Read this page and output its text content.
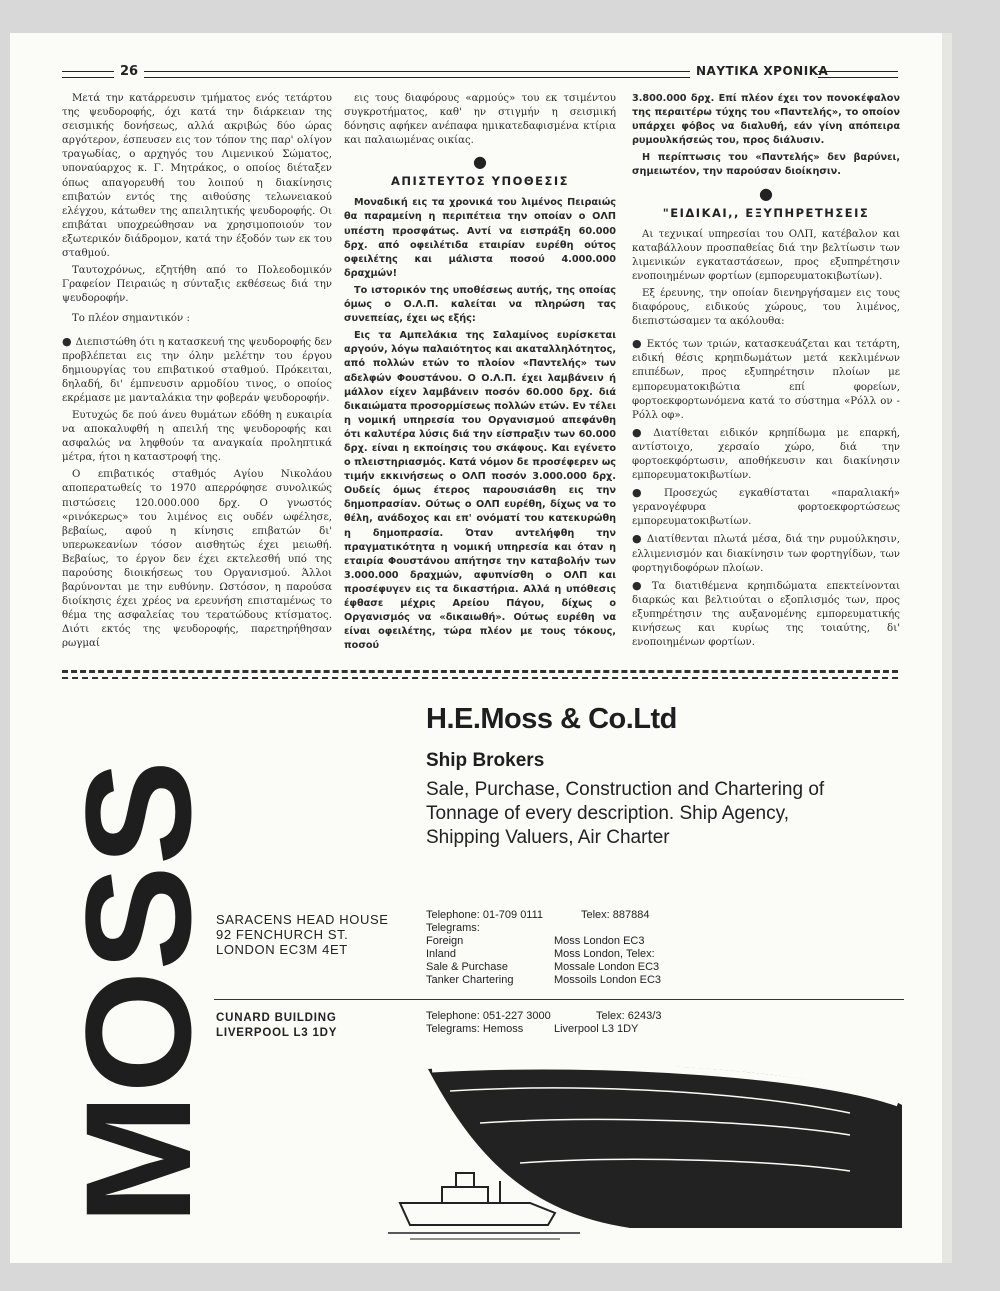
26	ΝΑΥΤΙΚΑ ΧΡΟΝΙΚΑ

Μετά την κατάρρευσιν τμήματος ενός τετάρτου της ψευδοροφής, όχι κατά την διάρκειαν της σεισμικής δονήσεως, αλλά ακριβώς δύο ώρας αργότερον, έσπευσεν εις τον τόπον της παρ' ολίγον τραγωδίας, ο αρχηγός του Λιμενικού Σώματος, υποναύαρχος κ. Γ. Μητράκος, ο οποίος διέταξεν όπως απαγορευθή του λοιπού η διακίνησις επιβατών εντός της αιθούσης τελωνειακού ελέγχου, κάτωθεν της απειλητικής ψευδοροφής. Οι επιβάται υποχρεώθησαν να χρησιμοποιούν τον εξωτερικόν διάδρομον, κατά την έξοδόν των εκ του σταθμού.

Ταυτοχρόνως, εζητήθη από το Πολεοδομικόν Γραφείον Πειραιώς η σύνταξις εκθέσεως διά την ψευδοροφήν.

Το πλέον σημαντικόν :

● Διεπιστώθη ότι η κατασκευή της ψευδοροφής δεν προβλέπεται εις την όλην μελέτην του έργου δημιουργίας του επιβατικού σταθμού. Πρόκειται, δηλαδή, δι' έμπνευσιν αρμοδίου τινος, ο οποίος εκρέμασε με μανταλάκια την φοβεράν ψευδοροφήν.

Ευτυχώς δε πού άνευ θυμάτων εδόθη η ευκαιρία να αποκαλυφθή η απειλή της ψευδοροφής και ασφαλώς να ληφθούν τα αναγκαία προληπτικά μέτρα, ήτοι η καταστροφή της.

Ο επιβατικός σταθμός Αγίου Νικολάου αποπερατωθείς το 1970 απερρόφησε συνολικώς πιστώσεις 120.000.000 δρχ. Ο γνωστός «ρινόκερως» του λιμένος εις ουδέν ωφέλησε, βεβαίως, αφού η κίνησις επιβατών δι' υπερωκεανίων τόσον αισθητώς έχει μειωθή. Βεβαίως, το έργον δεν έχει εκτελεσθή υπό της παρούσης διοικήσεως του Οργανισμού. Άλλοι βαρύνονται με την ευθύνην. Ωστόσον, η παρούσα διοίκησις έχει χρέος να ερευνήση επισταμένως το θέμα της ασφαλείας του τερατώδους κτίσματος. Διότι εκτός της ψευδοροφής, παρετηρήθησαν ρωγμαί

εις τους διαφόρους «αρμούς» του εκ τσιμέντου συγκροτήματος, καθ' ην στιγμήν η σεισμική δόνησις αφήκεν ανέπαφα ημικατεδαφισμένα κτίρια και παλαιωμένας οικίας.

●
ΑΠΙΣΤΕΥΤΟΣ ΥΠΟΘΕΣΙΣ

Μοναδική εις τα χρονικά του λιμένος Πειραιώς θα παραμείνη η περιπέτεια την οποίαν ο ΟΛΠ υπέστη προσφάτως. Αντί να εισπράξη 60.000 δρχ. από οφειλέτιδα εταιρίαν ευρέθη ούτος οφειλέτης και μάλιστα ποσού 4.000.000 δραχμών!

Το ιστορικόν της υποθέσεως αυτής, της οποίας όμως ο Ο.Λ.Π. καλείται να πληρώση τας συνεπείας, έχει ως εξής:

Εις τα Αμπελάκια της Σαλαμίνος ευρίσκεται αργούν, λόγω παλαιότητος και ακαταλληλότητος, από πολλών ετών το πλοίον «Παντελής» των αδελφών Φουστάνου. Ο Ο.Λ.Π. έχει λαμβάνειν ή μάλλον είχεν λαμβάνειν ποσόν 60.000 δρχ. διά δικαιώματα προσορμίσεως πολλών ετών. Εν τέλει η νομική υπηρεσία του Οργανισμού απεφάνθη ότι καλυτέρα λύσις διά την είσπραξιν των 60.000 δρχ. είναι η εκποίησις του σκάφους. Και εγένετο ο πλειστηριασμός. Κατά νόμον δε προσέφερεν ως τιμήν εκκινήσεως ο ΟΛΠ ποσόν 3.000.000 δρχ. Ουδείς όμως έτερος παρουσιάσθη εις την δημοπρασίαν. Ούτως ο ΟΛΠ ευρέθη, δίχως να το θέλη, ανάδοχος και επ' ονόματί του κατεκυρώθη η δημοπρασία. Όταν αντελήφθη την πραγματικότητα η νομική υπηρεσία και όταν η εταιρία Φουστάνου απήτησε την καταβολήν των 3.000.000 δραχμών, αφυπνίσθη ο ΟΛΠ και προσέφυγεν εις τα δικαστήρια. Αλλά η υπόθεσις έφθασε μέχρις Αρείου Πάγου, δίχως ο Οργανισμός να «δικαιωθή». Ούτως ευρέθη να είναι οφειλέτης, τώρα πλέον με τους τόκους, ποσού

3.800.000 δρχ. Επί πλέον έχει τον πονοκέφαλον της περαιτέρω τύχης του «Παντελής», το οποίον υπάρχει φόβος να διαλυθή, εάν γίνη απόπειρα ρυμουλκήσεώς του, προς διάλυσιν.

Η περίπτωσις του «Παντελής» δεν βαρύνει, σημειωτέον, την παρούσαν διοίκησιν.

●
"ΕΙΔΙΚΑΙ,, ΕΞΥΠΗΡΕΤΗΣΕΙΣ

Αι τεχνικαί υπηρεσίαι του ΟΛΠ, κατέβαλον και καταβάλλουν προσπαθείας διά την βελτίωσιν των λιμενικών εγκαταστάσεων, προς εξυπηρέτησιν ενοποιημένων φορτίων (εμπορευματοκιβωτίων).

Εξ έρευνης, την οποίαν διενηργήσαμεν εις τους διαφόρους, ειδικούς χώρους, του λιμένος, διεπιστώσαμεν τα ακόλουθα:

● Εκτός των τριών, κατασκευάζεται και τετάρτη, ειδική θέσις κρηπιδωμάτων μετά κεκλιμένων επιπέδων, προς εξυπηρέτησιν πλοίων με εμπορευματοκιβώτια επί φορείων, φορτοεκφορτωνόμενα κατά το σύστημα «Ρόλλ ον - Ρόλλ οφ».

● Διατίθεται ειδικόν κρηπίδωμα με επαρκή, αντίστοιχο, χερσαίο χώρο, διά την φορτοεκφόρτωσιν, αποθήκευσιν και διακίνησιν εμπορευματοκιβωτίων.

● Προσεχώς εγκαθίσταται «παραλιακή» γερανογέφυρα φορτοεκφορτώσεως εμπορευματοκιβωτίων.

● Διατίθενται πλωτά μέσα, διά την ρυμούλκησιν, ελλιμενισμόν και διακίνησιν των φορτηγίδων, των φορτηγιδοφόρων πλοίων.

● Τα διατιθέμενα κρηπιδώματα επεκτείνονται διαρκώς και βελτιούται ο εξοπλισμός των, προς εξυπηρέτησιν της αυξανομένης εμπορευματικής κινήσεως και κυρίως της τοιαύτης, δι' ενοποιημένων φορτίων.

MOSS
H.E.Moss & Co.Ltd
Ship Brokers
Sale, Purchase, Construction and Chartering of Tonnage of every description. Ship Agency, Shipping Valuers, Air Charter
SARACENS HEAD HOUSE
92 FENCHURCH ST.
LONDON EC3M 4ET
Telephone: 01-709 0111	Telex: 887884
Telegrams:
Foreign	Moss London EC3
Inland	Moss London, Telex:
Sale & Purchase	Mossale London EC3
Tanker Chartering	Mossoils London EC3
CUNARD BUILDING
LIVERPOOL L3 1DY
Telephone: 051-227 3000	Telex: 6243/3
Telegrams: Hemoss	Liverpool L3 1DY
